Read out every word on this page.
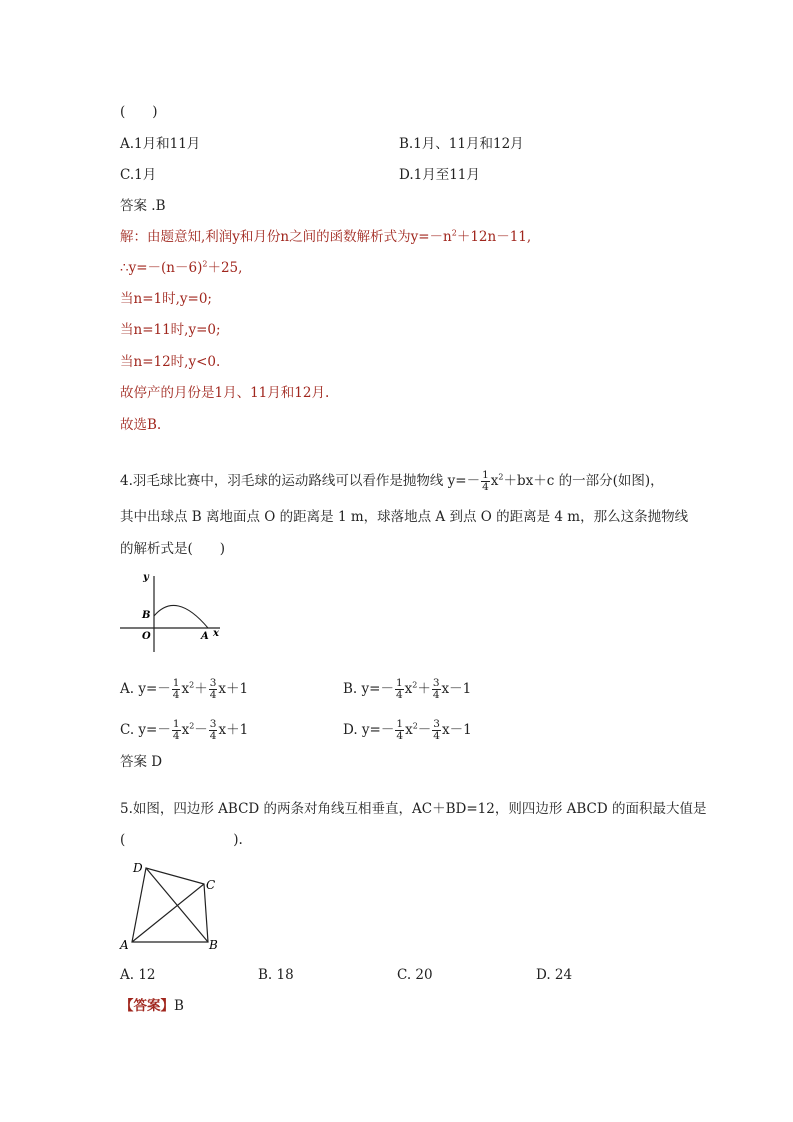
(　　)
A.1月和11月	B.1月、11月和12月
C.1月	D.1月至11月
答案 .B
解：由题意知,利润y和月份n之间的函数解析式为$y=-n^2+12n-11$,
$\therefore y=-(n-6)^2+25$,
当n=1时,y=0;
当n=11时,y=0;
当n=12时,y<0.
故停产的月份是1月、11月和12月.
故选B.
4.羽毛球比赛中，羽毛球的运动路线可以看作是抛物线 $y=- \frac{1}{4} x^2+bx+c$ 的一部分(如图)，
其中出球点 B 离地面点 O 的距离是 1 m，球落地点 A 到点 O 的距离是 4 m，那么这条抛物线
的解析式是(　　)
y
x
B
O	A
A. $y=- \frac{1}{4} x^2+ \frac{3}{4} x+1$	B. $y=- \frac{1}{4} x^2+ \frac{3}{4} x-1$
C. $y=- \frac{1}{4} x^2- \frac{3}{4} x+1$	D. $y=- \frac{1}{4} x^2- \frac{3}{4} x-1$
答案 D
5.如图，四边形 ABCD 的两条对角线互相垂直，AC＋BD=12，则四边形 ABCD 的面积最大值是
(　　　　　　　　).
D
C
A	B
A. 12	B. 18	C. 20	D. 24
【答案】B
